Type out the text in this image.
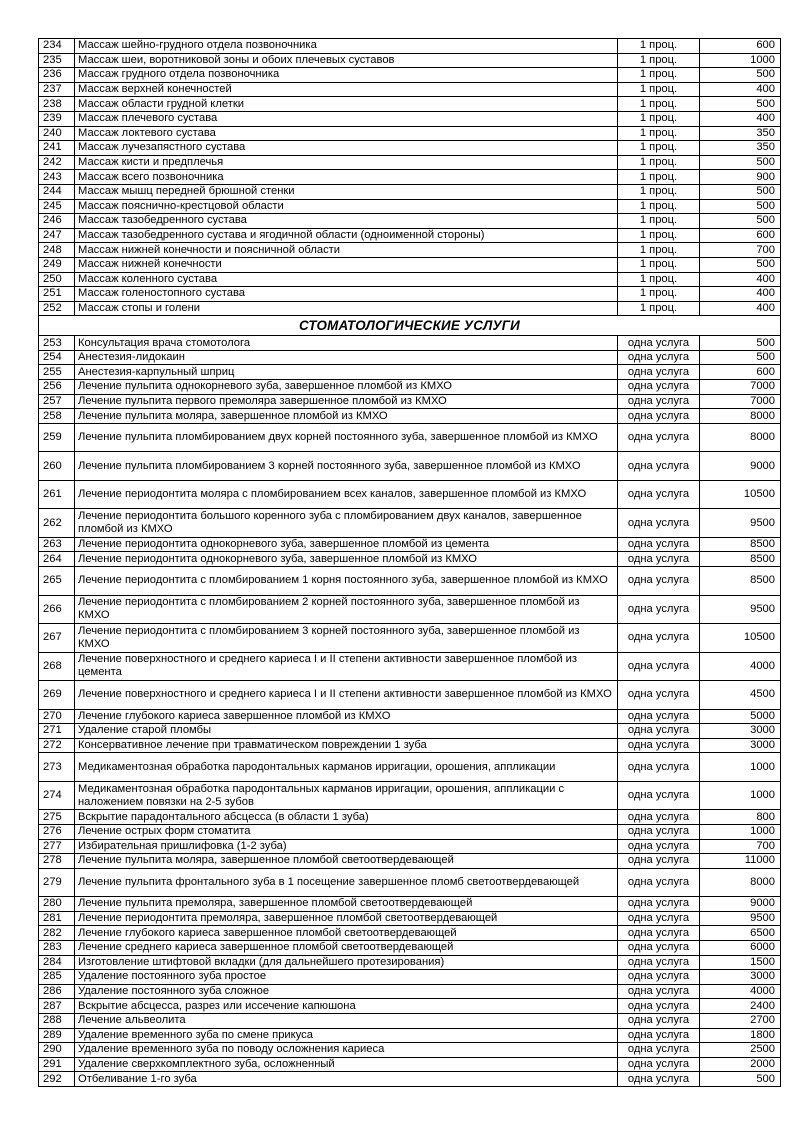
234	Массаж шейно-грудного отдела позвоночника	1 проц.	600
235	Массаж шеи, воротниковой зоны и обоих плечевых суставов	1 проц.	1000
236	Массаж грудного отдела позвоночника	1 проц.	500
237	Массаж верхней конечностей	1 проц.	400
238	Массаж области грудной клетки	1 проц.	500
239	Массаж плечевого сустава	1 проц.	400
240	Массаж локтевого сустава	1 проц.	350
241	Массаж лучезапястного сустава	1 проц.	350
242	Массаж кисти и предплечья	1 проц.	500
243	Массаж всего позвоночника	1 проц.	900
244	Массаж мышц передней брюшной стенки	1 проц.	500
245	Массаж пояснично-крестцовой области	1 проц.	500
246	Массаж тазобедренного сустава	1 проц.	500
247	Массаж тазобедренного сустава и ягодичной области (одноименной стороны)	1 проц.	600
248	Массаж нижней конечности и поясничной области	1 проц.	700
249	Массаж нижней конечности	1 проц.	500
250	Массаж коленного сустава	1 проц.	400
251	Массаж голеностопного сустава	1 проц.	400
252	Массаж стопы и голени	1 проц.	400
СТОМАТОЛОГИЧЕСКИЕ УСЛУГИ			
253	Консультация врача стомотолога	одна услуга	500
254	Анестезия-лидокаин	одна услуга	500
255	Анестезия-карпульный шприц	одна услуга	600
256	Лечение пульпита однокорневого зуба, завершенное пломбой из КМХО	одна услуга	7000
257	Лечение пульпита первого премоляра завершенное пломбой из КМХО	одна услуга	7000
258	Лечение пульпита моляра, завершенное пломбой из КМХО	одна услуга	8000
259	Лечение пульпита пломбированием двух корней постоянного зуба, завершенное пломбой из КМХО	одна услуга	8000
260	Лечение пульпита пломбированием 3 корней постоянного зуба, завершенное пломбой из КМХО	одна услуга	9000
261	Лечение периодонтита моляра с пломбированием всех каналов, завершенное пломбой из КМХО	одна услуга	10500
262	Лечение периодонтита большого коренного зуба с пломбированием двух каналов, завершенное пломбой из КМХО	одна услуга	9500
263	Лечение периодонтита однокорневого зуба, завершенное пломбой из цемента	одна услуга	8500
264	Лечение периодонтита однокорневого зуба, завершенное пломбой из КМХО	одна услуга	8500
265	Лечение периодонтита с пломбированием 1 корня постоянного зуба, завершенное пломбой из КМХО	одна услуга	8500
266	Лечение периодонтита с пломбированием 2 корней постоянного зуба, завершенное пломбой из КМХО	одна услуга	9500
267	Лечение периодонтита с пломбированием 3 корней постоянного зуба, завершенное пломбой из КМХО	одна услуга	10500
268	Лечение поверхностного и среднего кариеса I и II степени активности завершенное пломбой из цемента	одна услуга	4000
269	Лечение поверхностного и среднего кариеса I и II степени активности завершенное пломбой из КМХО	одна услуга	4500
270	Лечение глубокого кариеса завершенное пломбой из КМХО	одна услуга	5000
271	Удаление старой пломбы	одна услуга	3000
272	Консервативное лечение при травматическом повреждении 1 зуба	одна услуга	3000
273	Медикаментозная обработка пародонтальных карманов ирригации, орошения, аппликации	одна услуга	1000
274	Медикаментозная обработка пародонтальных карманов ирригации, орошения, аппликации с наложением повязки на 2-5 зубов	одна услуга	1000
275	Вскрытие парадонтального абсцесса (в области 1 зуба)	одна услуга	800
276	Лечение острых форм стоматита	одна услуга	1000
277	Избирательная пришлифовка (1-2 зуба)	одна услуга	700
278	Лечение пульпита моляра, завершенное пломбой светоотвердевающей	одна услуга	11000
279	Лечение пульпита фронтального зуба в 1 посещение завершенное пломб светоотвердевающей	одна услуга	8000
280	Лечение пульпита премоляра, завершенное пломбой светоотвердевающей	одна услуга	9000
281	Лечение периодонтита премоляра, завершенное пломбой светоотвердевающей	одна услуга	9500
282	Лечение глубокого кариеса завершенное пломбой светоотвердевающей	одна услуга	6500
283	Лечение среднего кариеса завершенное пломбой светоотвердевающей	одна услуга	6000
284	Изготовление штифтовой вкладки (для дальнейшего протезирования)	одна услуга	1500
285	Удаление постоянного зуба простое	одна услуга	3000
286	Удаление постоянного зуба сложное	одна услуга	4000
287	Вскрытие абсцесса, разрез или иссечение капюшона	одна услуга	2400
288	Лечение альвеолита	одна услуга	2700
289	Удаление временного зуба по смене прикуса	одна услуга	1800
290	Удаление временного зуба по поводу осложнения кариеса	одна услуга	2500
291	Удаление сверхкомплектного зуба, осложненный	одна услуга	2000
292	Отбеливание 1-го зуба	одна услуга	500
